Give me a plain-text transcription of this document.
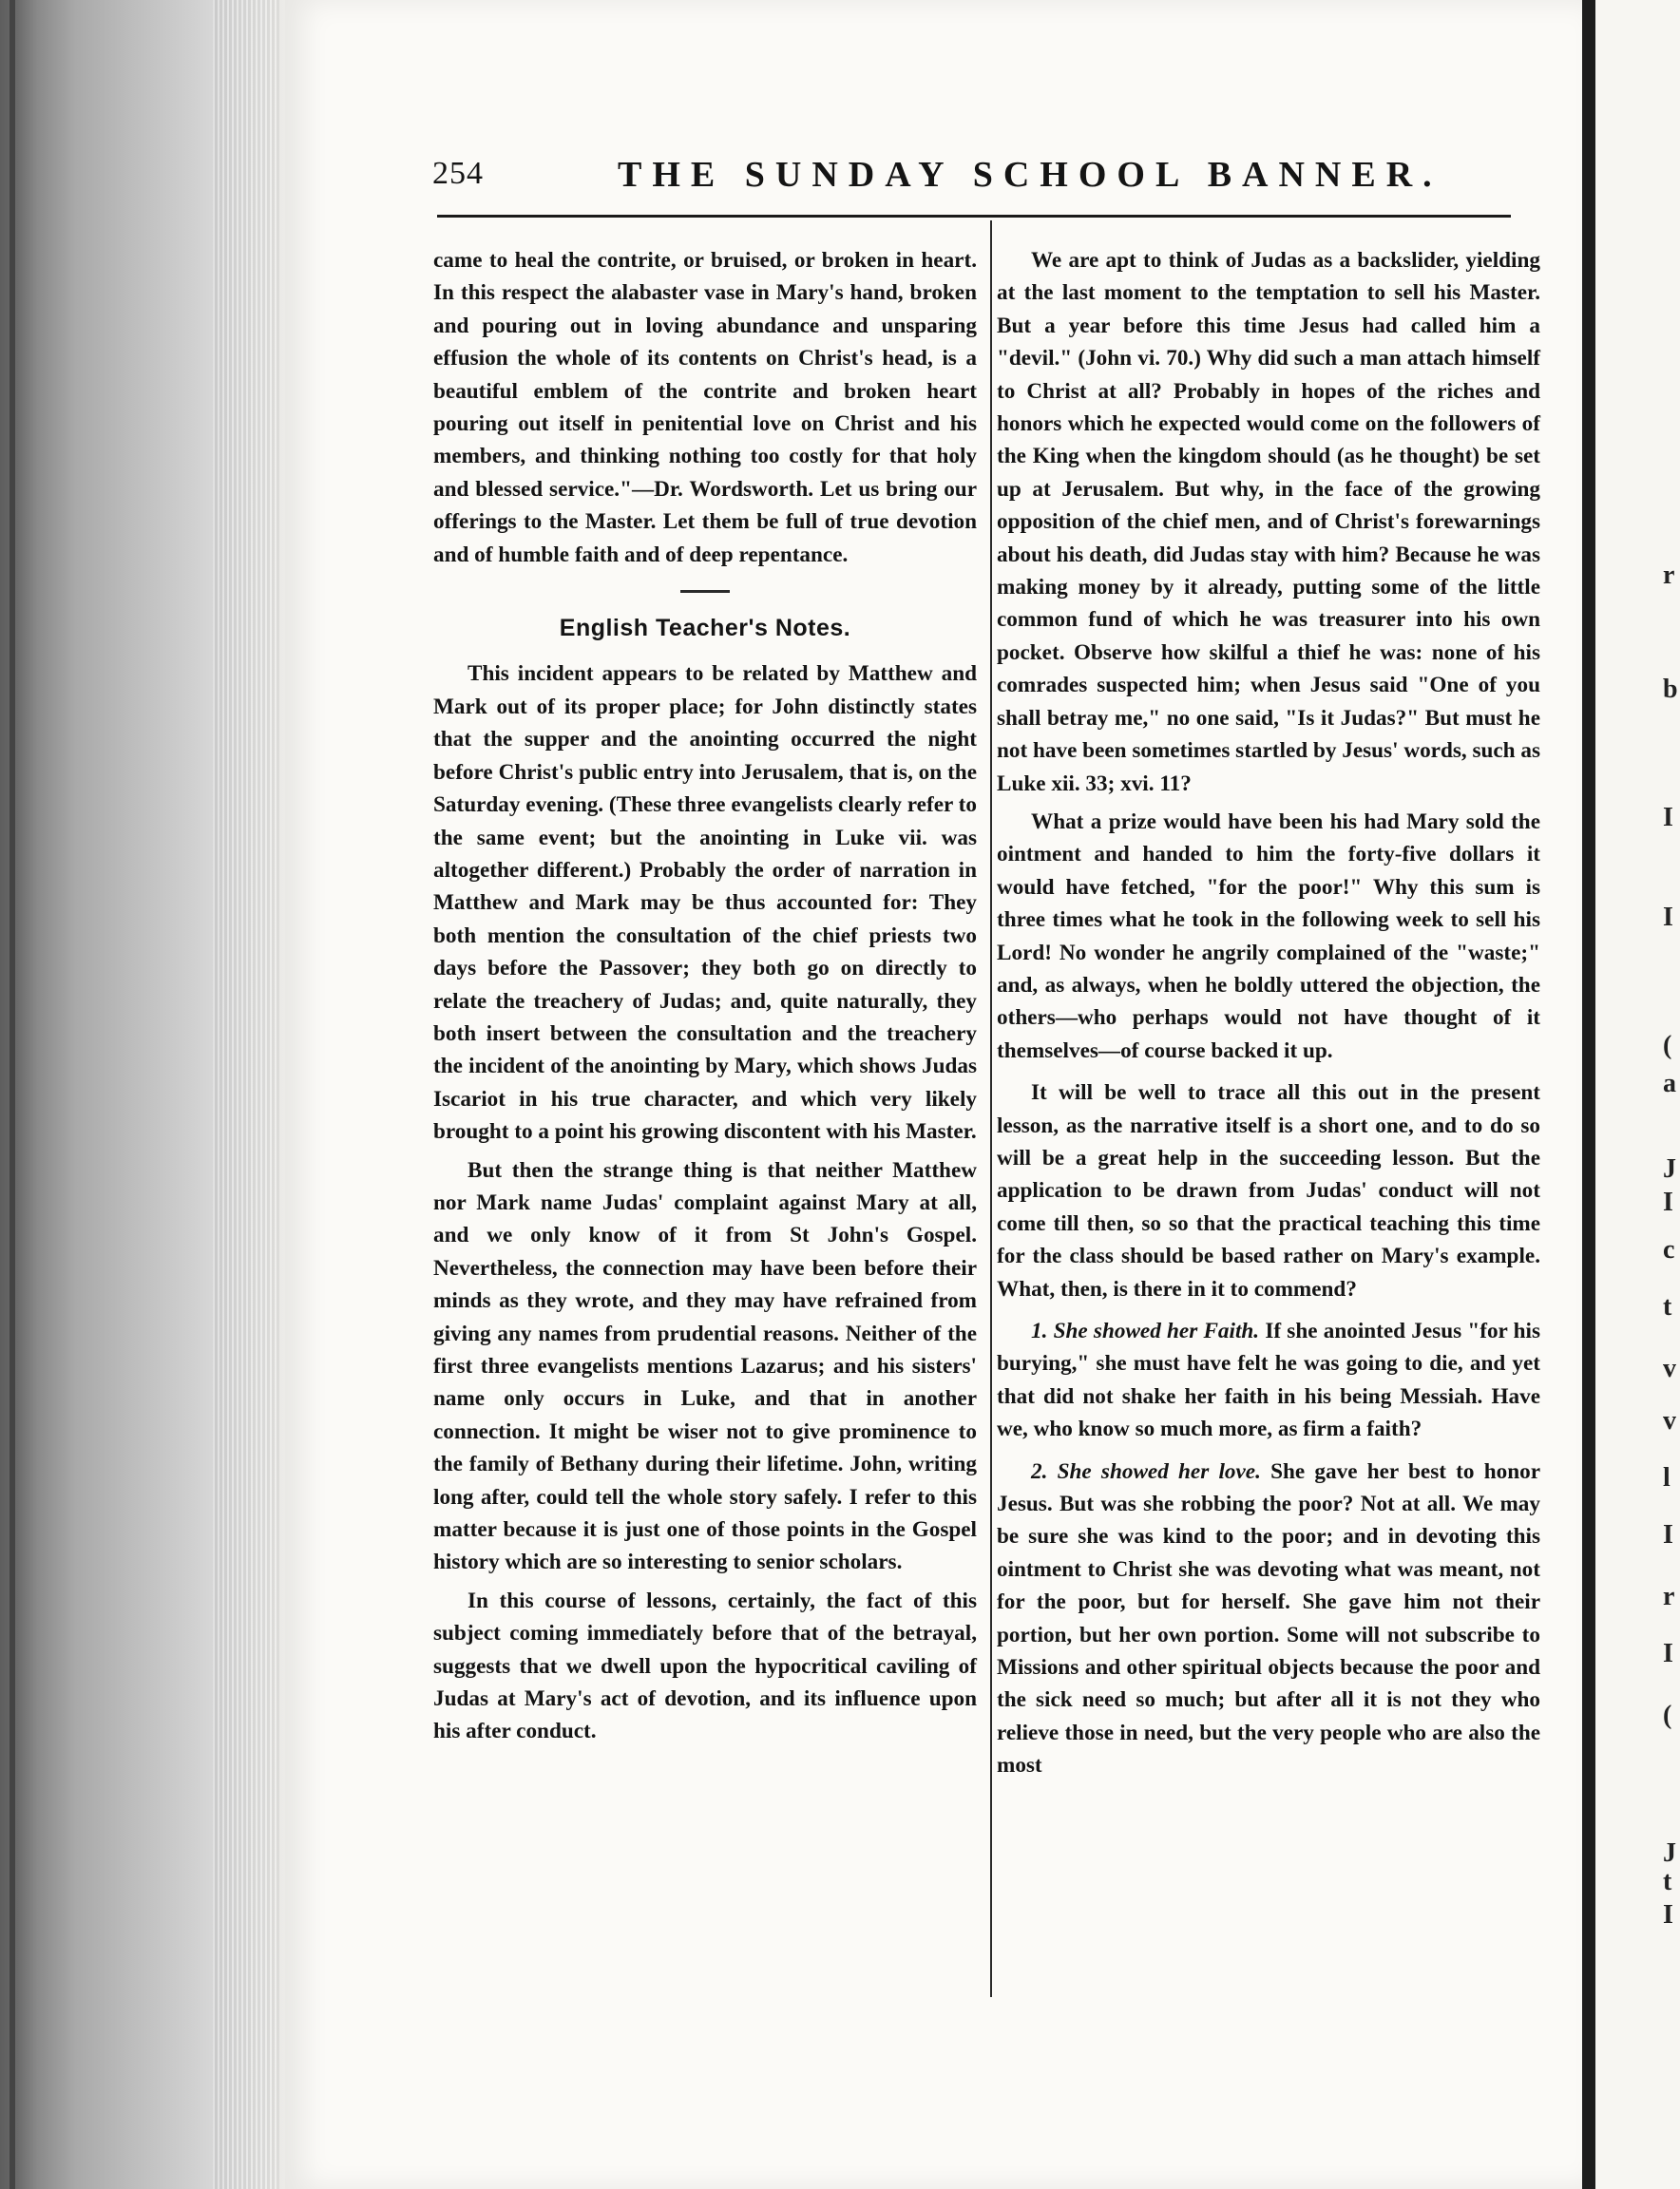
r
b
I
I
(
a
J
I
c
t
v
v
l
I
r
I
(
J
t
I
254	THE SUNDAY SCHOOL BANNER.

came to heal the contrite, or bruised, or broken in heart. In this respect the alabaster vase in Mary's hand, broken and pouring out in loving abundance and unsparing effusion the whole of its contents on Christ's head, is a beautiful emblem of the contrite and broken heart pouring out itself in penitential love on Christ and his members, and thinking nothing too costly for that holy and blessed service."—Dr. Wordsworth. Let us bring our offerings to the Master. Let them be full of true devotion and of humble faith and of deep repentance.

English Teacher's Notes.

This incident appears to be related by Matthew and Mark out of its proper place; for John distinctly states that the supper and the anointing occurred the night before Christ's public entry into Jerusalem, that is, on the Saturday evening. (These three evangelists clearly refer to the same event; but the anointing in Luke vii. was altogether different.) Probably the order of narration in Matthew and Mark may be thus accounted for: They both mention the consultation of the chief priests two days before the Passover; they both go on directly to relate the treachery of Judas; and, quite naturally, they both insert between the consultation and the treachery the incident of the anointing by Mary, which shows Judas Iscariot in his true character, and which very likely brought to a point his growing discontent with his Master.

But then the strange thing is that neither Matthew nor Mark name Judas' complaint against Mary at all, and we only know of it from St John's Gospel. Nevertheless, the connection may have been before their minds as they wrote, and they may have refrained from giving any names from prudential reasons. Neither of the first three evangelists mentions Lazarus; and his sisters' name only occurs in Luke, and that in another connection. It might be wiser not to give prominence to the family of Bethany during their lifetime. John, writing long after, could tell the whole story safely. I refer to this matter because it is just one of those points in the Gospel history which are so interesting to senior scholars.

In this course of lessons, certainly, the fact of this subject coming immediately before that of the betrayal, suggests that we dwell upon the hypocritical caviling of Judas at Mary's act of devotion, and its influence upon his after conduct.

We are apt to think of Judas as a backslider, yielding at the last moment to the temptation to sell his Master. But a year before this time Jesus had called him a "devil." (John vi. 70.) Why did such a man attach himself to Christ at all? Probably in hopes of the riches and honors which he expected would come on the followers of the King when the kingdom should (as he thought) be set up at Jerusalem. But why, in the face of the growing opposition of the chief men, and of Christ's forewarnings about his death, did Judas stay with him? Because he was making money by it already, putting some of the little common fund of which he was treasurer into his own pocket. Observe how skilful a thief he was: none of his comrades suspected him; when Jesus said "One of you shall betray me," no one said, "Is it Judas?" But must he not have been sometimes startled by Jesus' words, such as Luke xii. 33; xvi. 11?

What a prize would have been his had Mary sold the ointment and handed to him the forty-five dollars it would have fetched, "for the poor!" Why this sum is three times what he took in the following week to sell his Lord! No wonder he angrily complained of the "waste;" and, as always, when he boldly uttered the objection, the others—who perhaps would not have thought of it themselves—of course backed it up.

It will be well to trace all this out in the present lesson, as the narrative itself is a short one, and to do so will be a great help in the succeeding lesson. But the application to be drawn from Judas' conduct will not come till then, so so that the practical teaching this time for the class should be based rather on Mary's example. What, then, is there in it to commend?

1. She showed her Faith. If she anointed Jesus "for his burying," she must have felt he was going to die, and yet that did not shake her faith in his being Messiah. Have we, who know so much more, as firm a faith?

2. She showed her love. She gave her best to honor Jesus. But was she robbing the poor? Not at all. We may be sure she was kind to the poor; and in devoting this ointment to Christ she was devoting what was meant, not for the poor, but for herself. She gave him not their portion, but her own portion. Some will not subscribe to Missions and other spiritual objects because the poor and the sick need so much; but after all it is not they who relieve those in need, but the very people who are also the most
